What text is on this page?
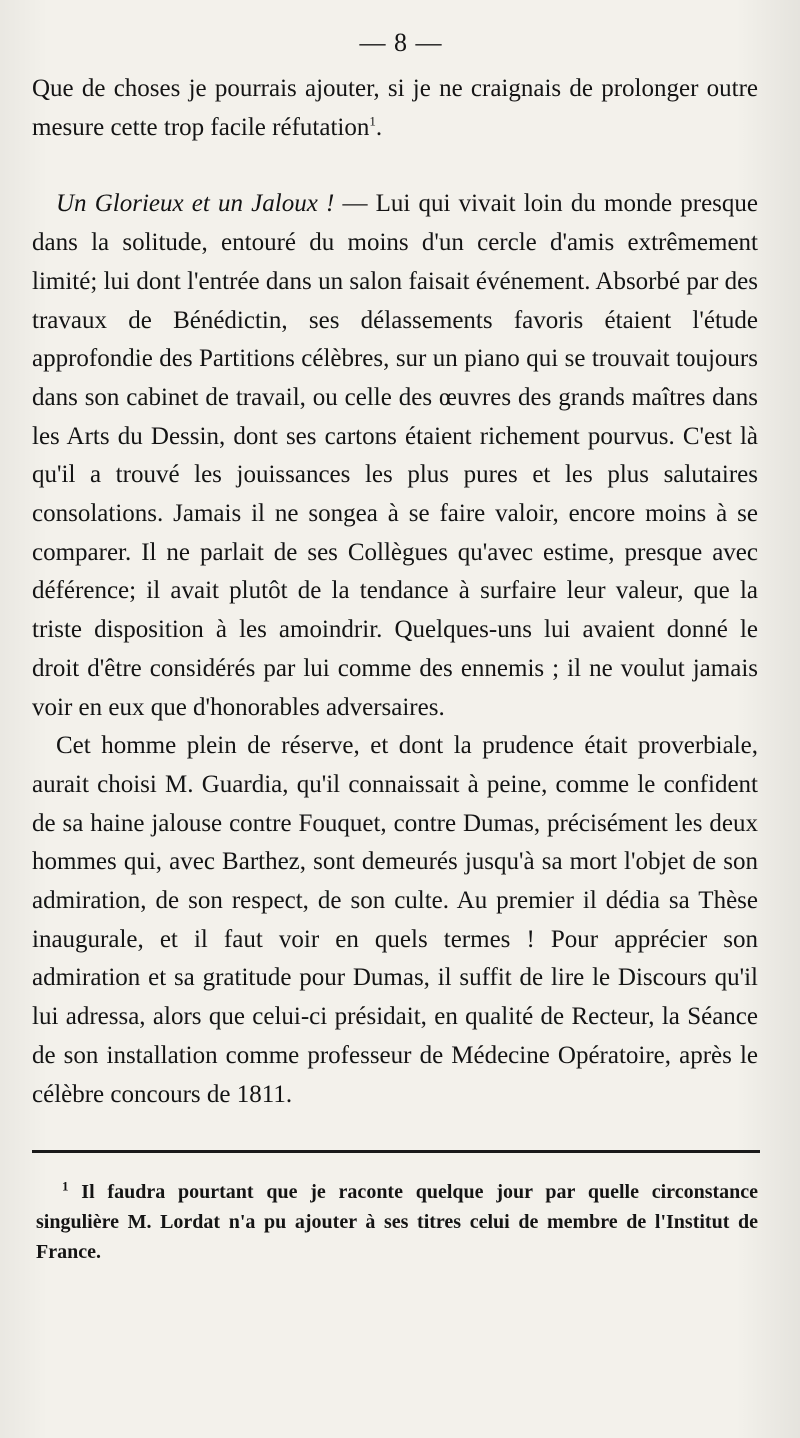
— 8 —

Que de choses je pourrais ajouter, si je ne craignais de prolonger outre mesure cette trop facile réfutation$^1$.

Un Glorieux et un Jaloux ! — Lui qui vivait loin du monde presque dans la solitude, entouré du moins d'un cercle d'amis extrêmement limité; lui dont l'entrée dans un salon faisait événement. Absorbé par des travaux de Bénédictin, ses délassements favoris étaient l'étude approfondie des Partitions célèbres, sur un piano qui se trouvait toujours dans son cabinet de travail, ou celle des œuvres des grands maîtres dans les Arts du Dessin, dont ses cartons étaient richement pourvus. C'est là qu'il a trouvé les jouissances les plus pures et les plus salutaires consolations. Jamais il ne songea à se faire valoir, encore moins à se comparer. Il ne parlait de ses Collègues qu'avec estime, presque avec déférence; il avait plutôt de la tendance à surfaire leur valeur, que la triste disposition à les amoindrir. Quelques-uns lui avaient donné le droit d'être considérés par lui comme des ennemis ; il ne voulut jamais voir en eux que d'honorables adversaires.

Cet homme plein de réserve, et dont la prudence était proverbiale, aurait choisi M. Guardia, qu'il connaissait à peine, comme le confident de sa haine jalouse contre Fouquet, contre Dumas, précisément les deux hommes qui, avec Barthez, sont demeurés jusqu'à sa mort l'objet de son admiration, de son respect, de son culte. Au premier il dédia sa Thèse inaugurale, et il faut voir en quels termes ! Pour apprécier son admiration et sa gratitude pour Dumas, il suffit de lire le Discours qu'il lui adressa, alors que celui-ci présidait, en qualité de Recteur, la Séance de son installation comme professeur de Médecine Opératoire, après le célèbre concours de 1811.

$^1$ Il faudra pourtant que je raconte quelque jour par quelle circonstance singulière M. Lordat n'a pu ajouter à ses titres celui de membre de l'Institut de France.
